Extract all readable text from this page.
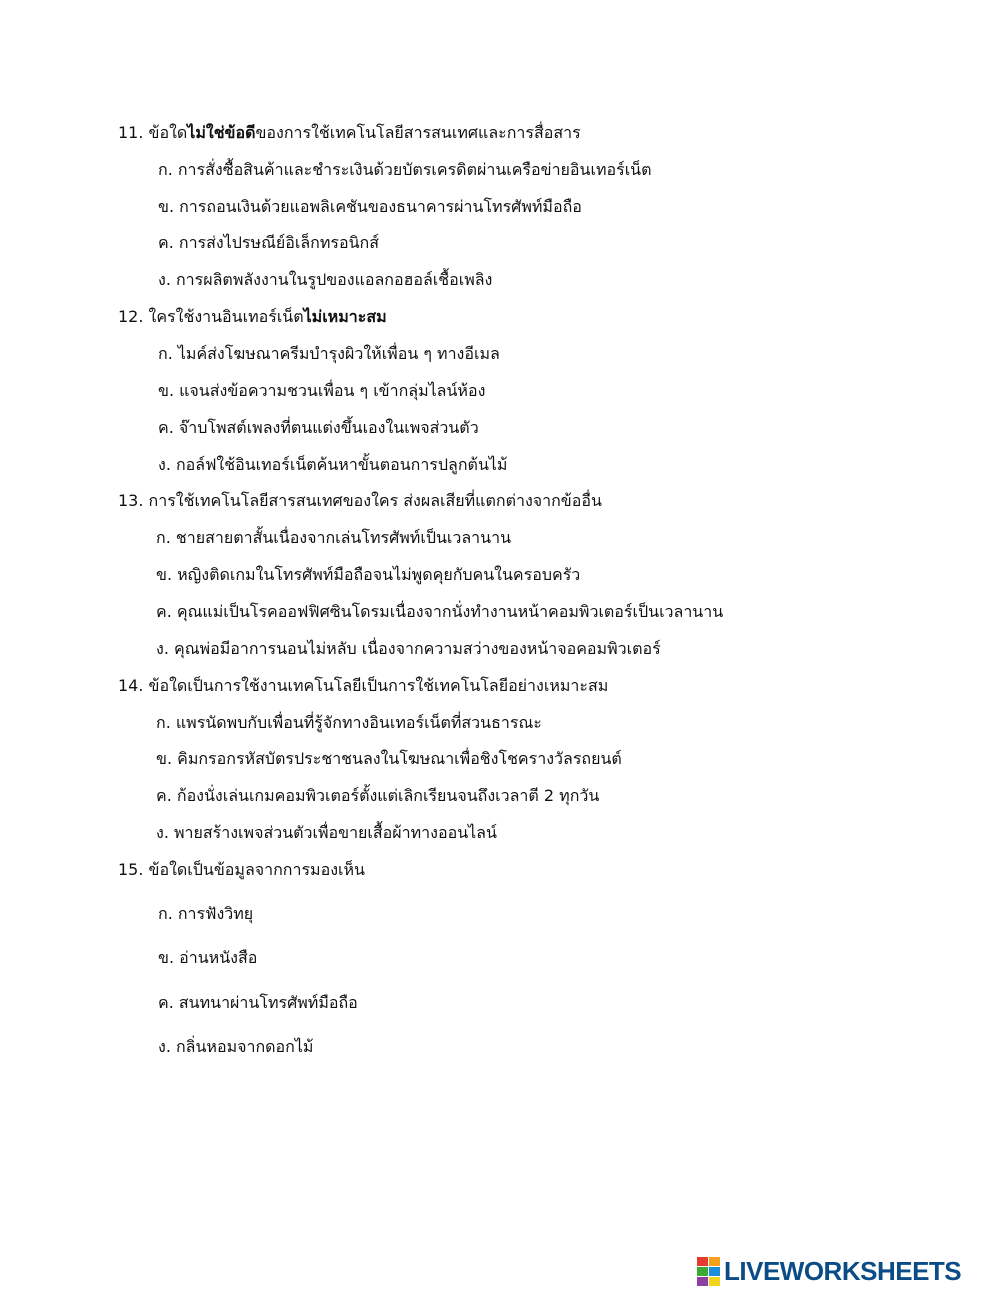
11. ข้อใดไม่ใช่ข้อดีของการใช้เทคโนโลยีสารสนเทศและการสื่อสาร
ก. การสั่งซื้อสินค้าและชำระเงินด้วยบัตรเครดิตผ่านเครือข่ายอินเทอร์เน็ต
ข. การถอนเงินด้วยแอพลิเคชันของธนาคารผ่านโทรศัพท์มือถือ
ค. การส่งไปรษณีย์อิเล็กทรอนิกส์
ง. การผลิตพลังงานในรูปของแอลกอฮอล์เชื้อเพลิง
12. ใครใช้งานอินเทอร์เน็ตไม่เหมาะสม
ก. ไมค์ส่งโฆษณาครีมบำรุงผิวให้เพื่อน ๆ ทางอีเมล
ข. แจนส่งข้อความชวนเพื่อน ๆ เข้ากลุ่มไลน์ห้อง
ค. จ๊าบโพสต์เพลงที่ตนแต่งขึ้นเองในเพจส่วนตัว
ง. กอล์ฟใช้อินเทอร์เน็ตค้นหาขั้นตอนการปลูกต้นไม้
13. การใช้เทคโนโลยีสารสนเทศของใคร ส่งผลเสียที่แตกต่างจากข้ออื่น
ก. ชายสายตาสั้นเนื่องจากเล่นโทรศัพท์เป็นเวลานาน
ข. หญิงติดเกมในโทรศัพท์มือถือจนไม่พูดคุยกับคนในครอบครัว
ค. คุณแม่เป็นโรคออฟฟิศซินโดรมเนื่องจากนั่งทำงานหน้าคอมพิวเตอร์เป็นเวลานาน
ง. คุณพ่อมีอาการนอนไม่หลับ เนื่องจากความสว่างของหน้าจอคอมพิวเตอร์
14. ข้อใดเป็นการใช้งานเทคโนโลยีเป็นการใช้เทคโนโลยีอย่างเหมาะสม
ก. แพรนัดพบกับเพื่อนที่รู้จักทางอินเทอร์เน็ตที่สวนธารณะ
ข. คิมกรอกรหัสบัตรประชาชนลงในโฆษณาเพื่อชิงโชครางวัลรถยนต์
ค. ก้องนั่งเล่นเกมคอมพิวเตอร์ตั้งแต่เลิกเรียนจนถึงเวลาตี 2 ทุกวัน
ง. พายสร้างเพจส่วนตัวเพื่อขายเสื้อผ้าทางออนไลน์
15. ข้อใดเป็นข้อมูลจากการมองเห็น
ก. การฟังวิทยุ
ข. อ่านหนังสือ
ค. สนทนาผ่านโทรศัพท์มือถือ
ง. กลิ่นหอมจากดอกไม้
LIVEWORKSHEETS
